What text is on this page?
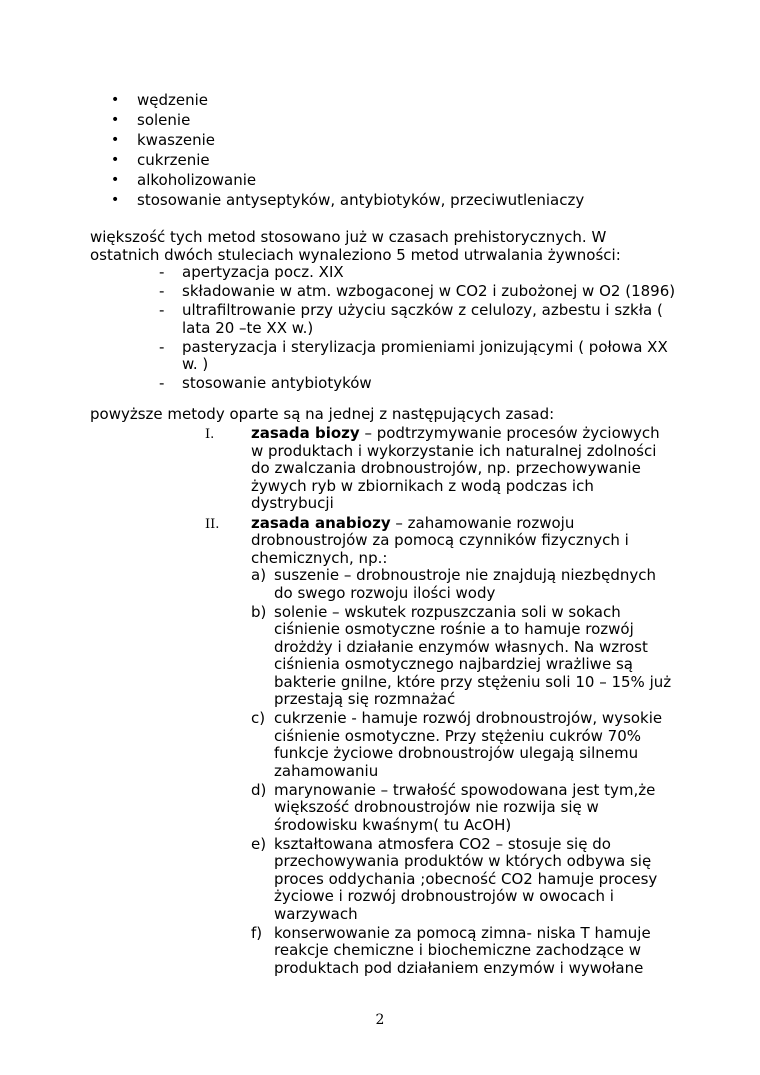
• wędzenie
• solenie
• kwaszenie
• cukrzenie
• alkoholizowanie
• stosowanie antyseptyków, antybiotyków, przeciwutleniaczy

większość tych metod stosowano już w czasach prehistorycznych. W

ostatnich dwóch stuleciach wynaleziono 5 metod utrwalania żywności:

- apertyzacja pocz. XIX
- składowanie w atm. wzbogaconej w CO2 i zubożonej w O2 (1896)
- ultrafiltrowanie przy użyciu sączków z celulozy, azbestu i szkła ( lata 20 –te XX w.)
- pasteryzacja i sterylizacja promieniami jonizującymi ( połowa XX w. )
- stosowanie antybiotyków

powyższe metody oparte są na jednej z następujących zasad:

I. zasada biozy – podtrzymywanie procesów życiowych w produktach i wykorzystanie ich naturalnej zdolności do zwalczania drobnoustrojów, np. przechowywanie żywych ryb w zbiornikach z wodą podczas ich dystrybucji
II. zasada anabiozy – zahamowanie rozwoju drobnoustrojów za pomocą czynników fizycznych i chemicznych, np.:
a) suszenie – drobnoustroje nie znajdują niezbędnych do swego rozwoju ilości wody
b) solenie – wskutek rozpuszczania soli w sokach ciśnienie osmotyczne rośnie a to hamuje rozwój drożdży i działanie enzymów własnych. Na wzrost ciśnienia osmotycznego najbardziej wrażliwe są bakterie gnilne, które przy stężeniu soli 10 – 15% już przestają się rozmnażać
c) cukrzenie - hamuje rozwój drobnoustrojów, wysokie ciśnienie osmotyczne. Przy stężeniu cukrów 70% funkcje życiowe drobnoustrojów ulegają silnemu zahamowaniu
d) marynowanie – trwałość spowodowana jest tym,że większość drobnoustrojów nie rozwija się w środowisku kwaśnym( tu AcOH)
e) kształtowana atmosfera CO2 – stosuje się do przechowywania produktów w których odbywa się proces oddychania ;obecność CO2 hamuje procesy życiowe i rozwój drobnoustrojów w owocach i warzywach
f) konserwowanie za pomocą zimna- niska T hamuje reakcje chemiczne i biochemiczne zachodzące w produktach pod działaniem enzymów i wywołane
2
